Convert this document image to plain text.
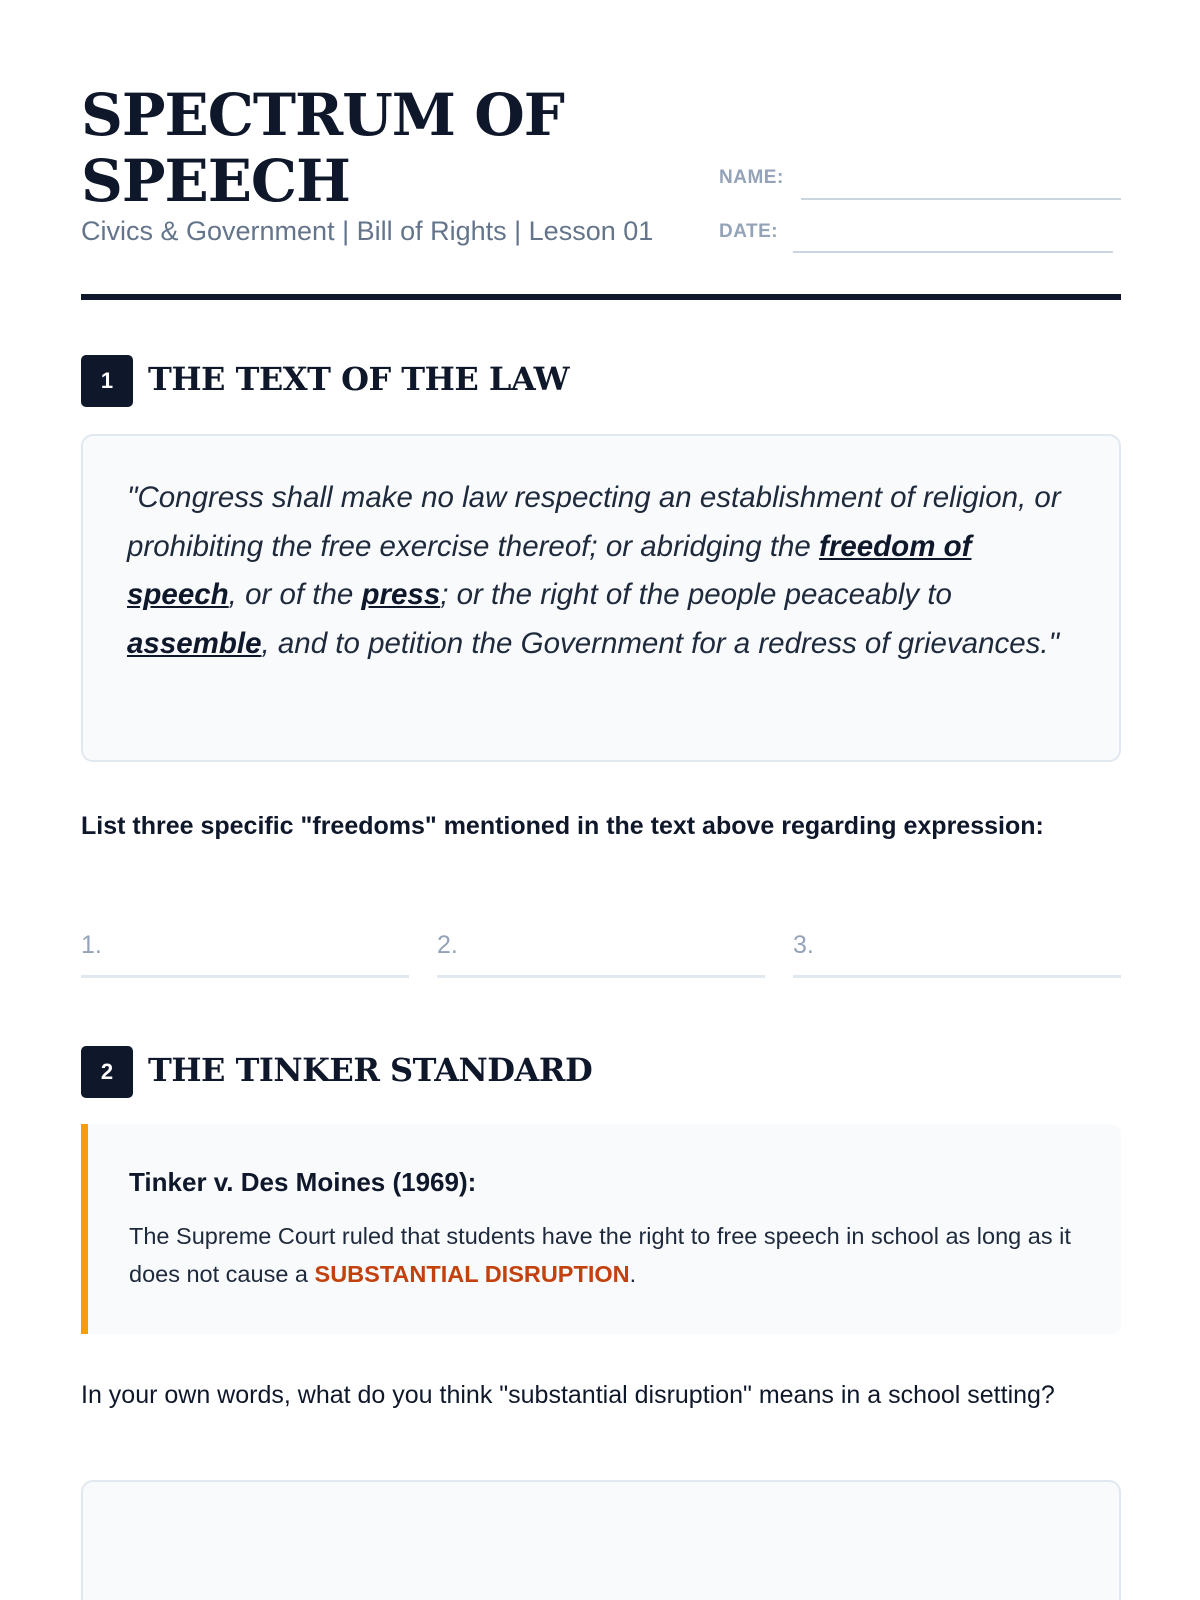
SPECTRUM OF
SPEECH
Civics & Government | Bill of Rights | Lesson 01
NAME:
DATE:
1	THE TEXT OF THE LAW

"Congress shall make no law respecting an establishment of religion, or prohibiting the free exercise thereof; or abridging the freedom of speech, or of the press; or the right of the people peaceably to assemble, and to petition the Government for a redress of grievances."

List three specific "freedoms" mentioned in the text above regarding expression:
1.	2.	3.
2	THE TINKER STANDARD
Tinker v. Des Moines (1969):

The Supreme Court ruled that students have the right to free speech in school as long as it does not cause a SUBSTANTIAL DISRUPTION.

In your own words, what do you think "substantial disruption" means in a school setting?
